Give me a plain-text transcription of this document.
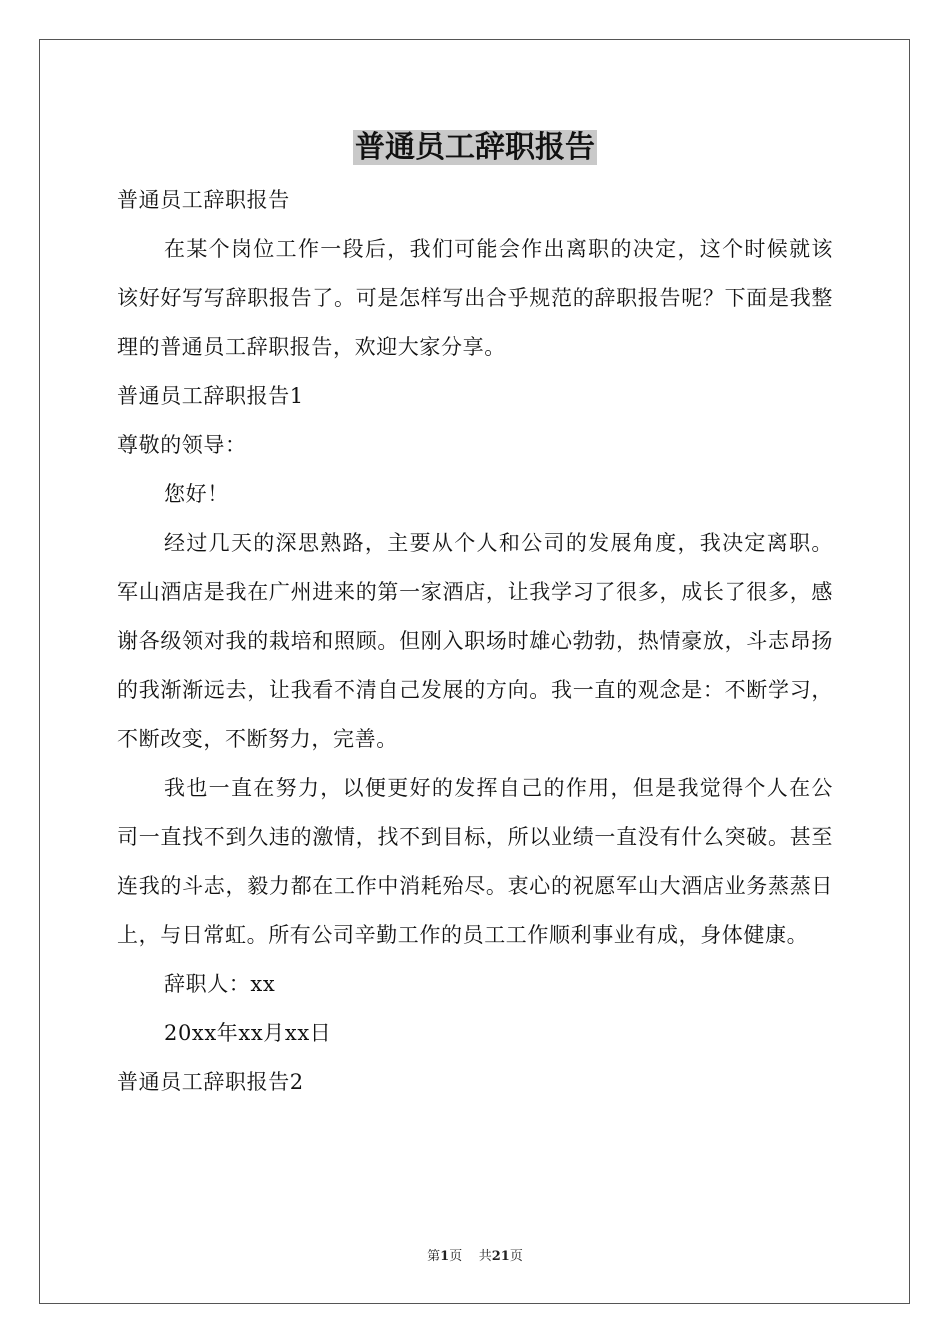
普通员工辞职报告

普通员工辞职报告

在某个岗位工作一段后，我们可能会作出离职的决定，这个时候就该该好好写写辞职报告了。可是怎样写出合乎规范的辞职报告呢？下面是我整理的普通员工辞职报告，欢迎大家分享。

普通员工辞职报告1

尊敬的领导：

您好！

经过几天的深思熟路，主要从个人和公司的发展角度，我决定离职。军山酒店是我在广州进来的第一家酒店，让我学习了很多，成长了很多，感谢各级领对我的栽培和照顾。但刚入职场时雄心勃勃，热情豪放，斗志昂扬的我渐渐远去，让我看不清自己发展的方向。我一直的观念是：不断学习，不断改变，不断努力，完善。

我也一直在努力，以便更好的发挥自己的作用，但是我觉得个人在公司一直找不到久违的激情，找不到目标，所以业绩一直没有什么突破。甚至连我的斗志，毅力都在工作中消耗殆尽。衷心的祝愿军山大酒店业务蒸蒸日上，与日常虹。所有公司辛勤工作的员工工作顺利事业有成，身体健康。

辞职人：xx

20xx年xx月xx日

普通员工辞职报告2

第1页 共21页
